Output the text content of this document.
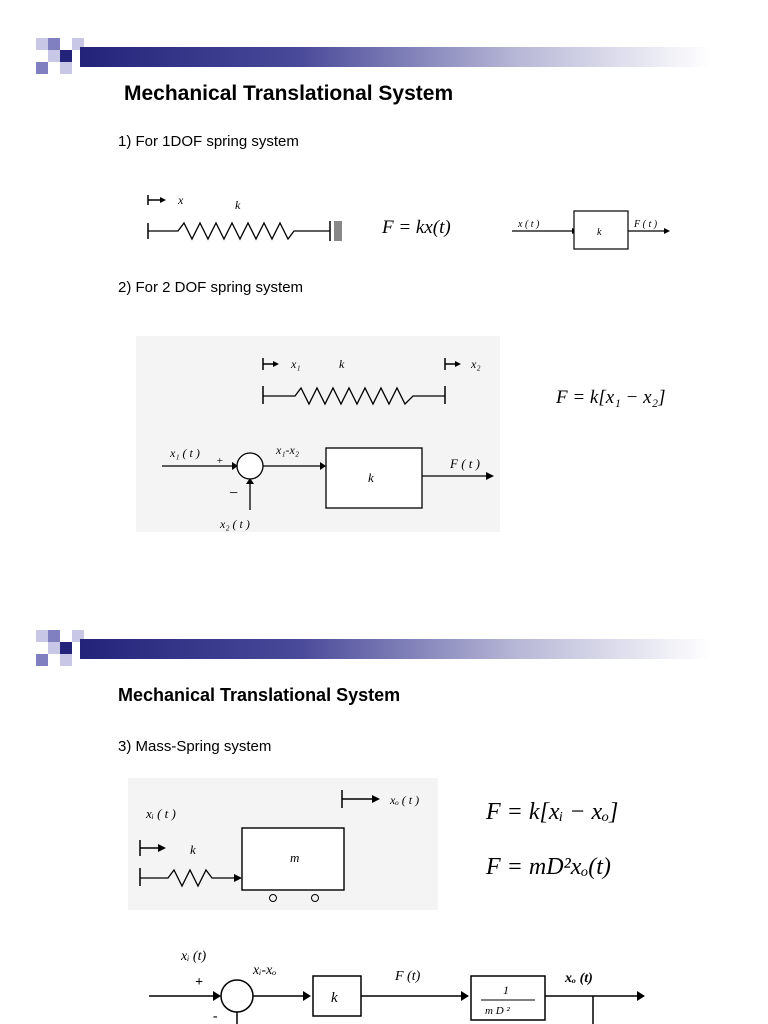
Mechanical Translational System
1) For 1DOF spring system
x	k
F = kx(t)	x ( t )
k
F ( t )
2) For 2 DOF spring system
x₁	k	x₂
F = k[x₁ − x₂]
x₁ ( t )
+
−
x₂ ( t )
x₁-x₂
k
F ( t )
Mechanical Translational System
3) Mass-Spring system
xᵢ ( t )
xₒ ( t )
k
m
F = k[xᵢ − xₒ]
F = mD²xₒ(t)
xᵢ (t)
+
-
xᵢ-xₒ
k
F (t)
1
m D ²
xₒ (t)
